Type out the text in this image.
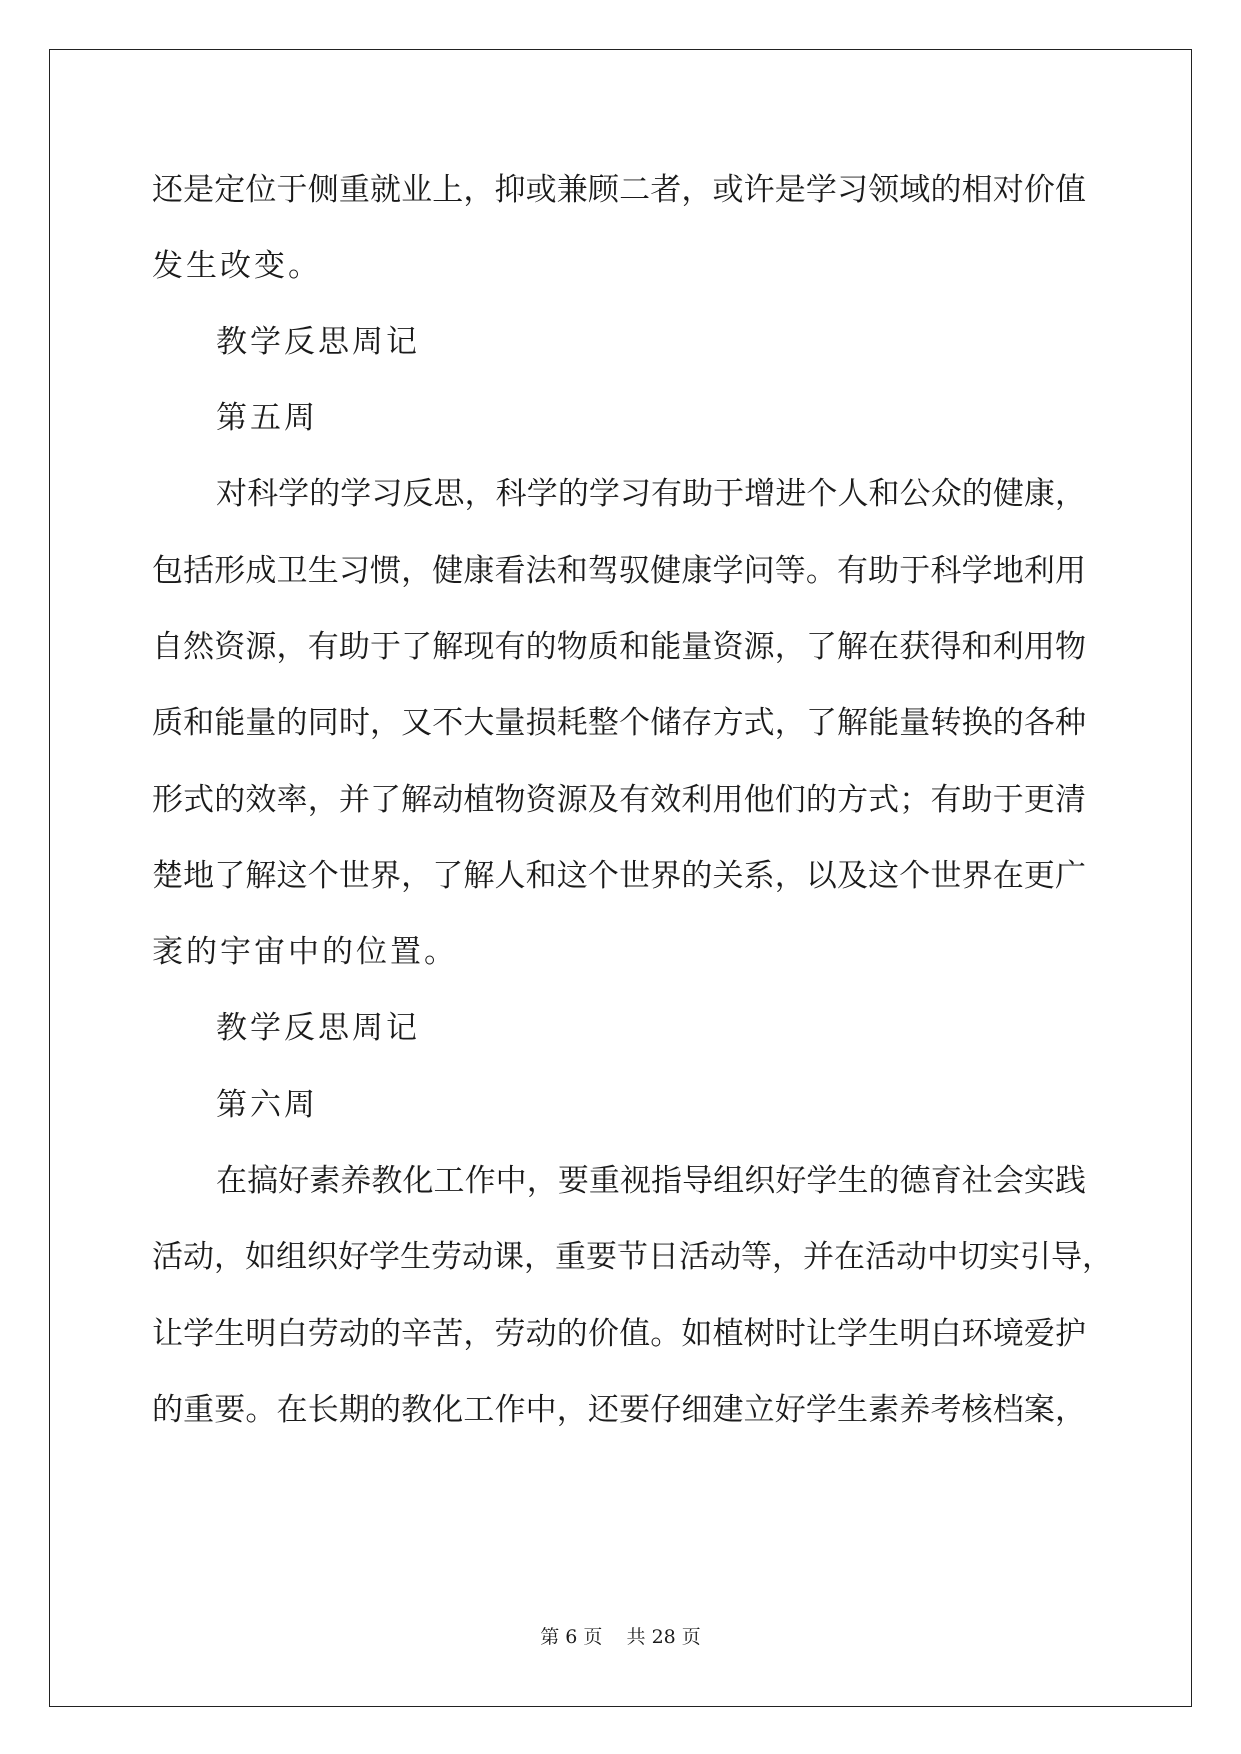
还是定位于侧重就业上，抑或兼顾二者，或许是学习领域的相对价值
发生改变。
教学反思周记
第五周
对科学的学习反思，科学的学习有助于增进个人和公众的健康，
包括形成卫生习惯，健康看法和驾驭健康学问等。有助于科学地利用
自然资源，有助于了解现有的物质和能量资源，了解在获得和利用物
质和能量的同时，又不大量损耗整个储存方式，了解能量转换的各种
形式的效率，并了解动植物资源及有效利用他们的方式；有助于更清
楚地了解这个世界，了解人和这个世界的关系，以及这个世界在更广
袤的宇宙中的位置。
教学反思周记
第六周
在搞好素养教化工作中，要重视指导组织好学生的德育社会实践
活动，如组织好学生劳动课，重要节日活动等，并在活动中切实引导，
让学生明白劳动的辛苦，劳动的价值。如植树时让学生明白环境爱护
的重要。在长期的教化工作中，还要仔细建立好学生素养考核档案，
第 6 页    共 28 页
